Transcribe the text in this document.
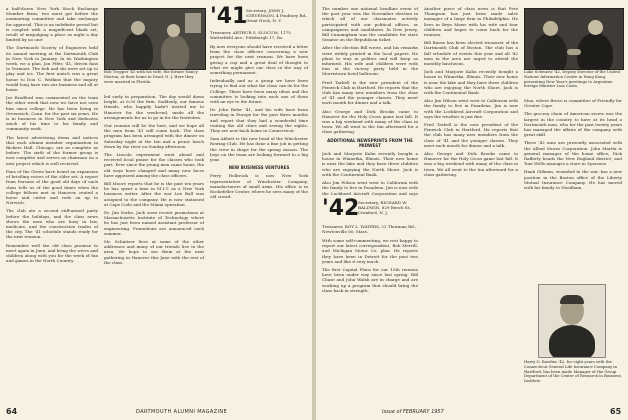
a half-dozen New York Stock Exchange Member firms; two must get before the nominating committee and take exchange for approval. This is an indefinite period but is coupled with a magnificent blank set, result of misjudging a place as night a day limited by no one!

The Dartmouth Society of Engineers held its annual meeting at the Dartmouth Club in New York in January. In its Washington week, we a plan. Jon Fifer, '41, driven fans to Vermont. The bob and ski were set up to play and ice. The first match was a great honor to Don C. Watkins that the inquiry would long have run our business and all at home.

Joe Bradford was commented on the train the other week that now we have not seen him since college. He has been living in Greenwich, Conn. for the past six years. He is in business in New York and dedicates much of his time to his family and community work.

The latest advertising items and notices that each alumni member organization in Bickers Hall, Chicago, are as complete as before. The sixth of the former group is now complete and serves as chairman on a new project which is well received.

Fans of the Green have heard an expansion of bristling voices of the older set. A report from Parsons of the good old days of each class tells us of the good times when the college fellows met in Hanover, rented a horse and cutter and rode on up to Norwich.

The club ate a second stiff-armed party before the holidays, and the class news shows the men who are busy in law, medicine, and the construction trades of the city. The '41 schedule stands ready for the next reunion.

Remember well the old class promise to meet again in June, and bring the wives and children along with you for the week of fun and games in the North Country.

Bob Tropper '41 with his wife, the former Nancy Morton, at their home in Dead, N. J. Here they were married in Florida.

led early in preparation. The day would dawn bright, at 6:30 the firm. Suddenly, our famous friends, who happily hadn't invited me to Hanover for the week-end, made all the arrangements for us to go in for the festivities.

Our reunion will be the best, and we hope all the men from '41 will come back. The class program has been arranged with the dinner on Saturday night at the Inn and a picnic lunch down by the river on Sunday afternoon.

The Lincoln experiment went ahead and received local praise for the classes who took part. Ever since the young men came home, the old ways have changed and many new faces have appeared among the class officers.

Bill Moore reports that he is the past ten years he has spent a time in M.I.T. as a New York business writer. After the war Lee Bull was assigned to the company. He is now stationed at Cape Code and the Miami operation.

Dr. Jim Serbe, Jack were recent promotions at Massachusetts Institute of Technology where he has just been named assistant professor of engineering. Promotions are announced each summer.

Mr. Schnitzer lives at some of the other addresses and many of our friends live in the area. We hope to see them at the next gathering in Hanover this June with the rest of the class.

'41
Secretary, JOHN J. STEVENSON, 4 Poultney Rd., Great Neck, N. Y.
Treasurer, ARTHUR S. SLOCUM, 1175 Watterfield Ave., Pittsburgh 17, Pa.

By now everyone should have received a letter from the class officers concerning a new project for the next reunion. We have been giving a cup and a great deal of thought to what we might give our class in the way of something permanent.

Individually and as a group we have been trying to find out what the class can do for the College. There have been many ideas and the committee is looking into each one of them with an eye to the future.

Dr. John Rider '41, and his wife have been traveling in Europe for the past three months and report that they had a wonderful time visiting the old cities and seeing the sights. They are now back home in Connecticut.

Sam Abbott is the new head of the Winchester Rowing Club. He has done a fine job in getting the crew in shape for the spring season. The boys on the team are looking forward to a big year.

NEW BUSINESS VENTURES

Perry Holbrook is now New York representative of Winchester Company, manufacturers of small arms. His office is in Rockefeller Center, where he sees many of the old crowd.

64	DARTMOUTH ALUMNI MAGAZINE

The number one national headline event of the past year was the November election in which all of our classmates actively participated with our political offices, or campaigners and candidates. In New Jersey, Bill Cunningham was the candidate for state Senator on the Republican ticket.

After the election Bill wrote, and his remarks were widely printed in the local papers. He plans to stay in politics and will keep us informed. His wife and children were with him at the victory party held in the Morristown hotel ballroom.

Fred Tarbell is the new president of the Fenwick Club in Hartford. He reports that the club has many new members from the class of '41 and the younger classes. They meet each month for dinner and a talk.

Also George and Dick Brooks came to Hanover for the Holy Cross game last fall. It was a big weekend with many of the class in town. We all went to the Inn afterward for a class gathering.

ADDITIONAL NEWSPRINTS FROM THE MIDWEST

Jack and Marjorie Kahn recently bought a house in Winnetka, Illinois. Their new home is near the lake and they have three children who are enjoying the North Shore. Jack is with the Continental Bank.

Also Jim Wilson went west to California with the family to live in Pasadena. Jim is now with the Lockheed Aircraft Corporation and says

'42
Secretary, RICHARD W. BALDWIN, 829 Beech St., Cranford, N. J.
Treasurer, ROY L. WATERS, 22 Thurman Rd., Newtonville 60, Mass.

With some self-commenting, we rest happy to report our latest correspondent, Bob Merrill, and Michigan Motor Co. plan. He reports they have been in Detroit for the past two years and like it very much.

The first Capital Plans for our 15th reunion have been under way since last spring. Bill Chase and John Walsh are in charge and are working up a program that should bring the class back in strength.

Another piece of class news is that Pete Thompson has just been made sales manager of a large firm in Philadelphia. He lives in Bryn Mawr with his wife and four children and hopes to come back for the reunion.

Bill Burns has been elected treasurer of the Dartmouth Club of Boston. The club has a full schedule of events this year and all '42 men in the area are urged to attend the monthly luncheons.

Jack and Marjorie Kahn recently bought a house in Winnetka, Illinois. Their new home is near the lake and they have three children who are enjoying the North Shore. Jack is with the Continental Bank.

Also Jim Wilson went west to California with the family to live in Pasadena. Jim is now with the Lockheed Aircraft Corporation and says the weather is just fine.

Fred Tarbell is the new president of the Fenwick Club in Hartford. He reports that the club has many new members from the class of '41 and the younger classes. They meet each month for dinner and a talk.

Also George and Dick Brooks came to Hanover for the Holy Cross game last fall. It was a big weekend with many of the class in town. We all went to the Inn afterward for a class gathering.

Luke Schwartz '42, Deputy Director of the United Nations Information Centre in Hong Kong, presenting New Year's greetings to Argentine foreign Minister Luis Costa.

Man, where Bruce is committee of Friendly for Greater Cape.

The grocery chain of American stores was the largest in the country to have at its head a Dartmouth man, who for the past twenty years has managed the affairs of the company with great skill.

Three '42 men are presently associated with the Allied Stores Corporation. John Martin is general manager of the home office; Dick Rafferty heads the New England district; and Tom Wells manages a store in Syracuse.

Hank Gillman, wounded in the war, has a new position in the Boston office of the Liberty Mutual Insurance Company. He has moved with his family to Needham.

Harry O. Rawlins '42, for eight years with the Connecticut General Life Insurance Company in Hartford, has been made Manager of the Group Department of the Center of Research in Business Institute.
Issue of FEBRUARY 1957	65
